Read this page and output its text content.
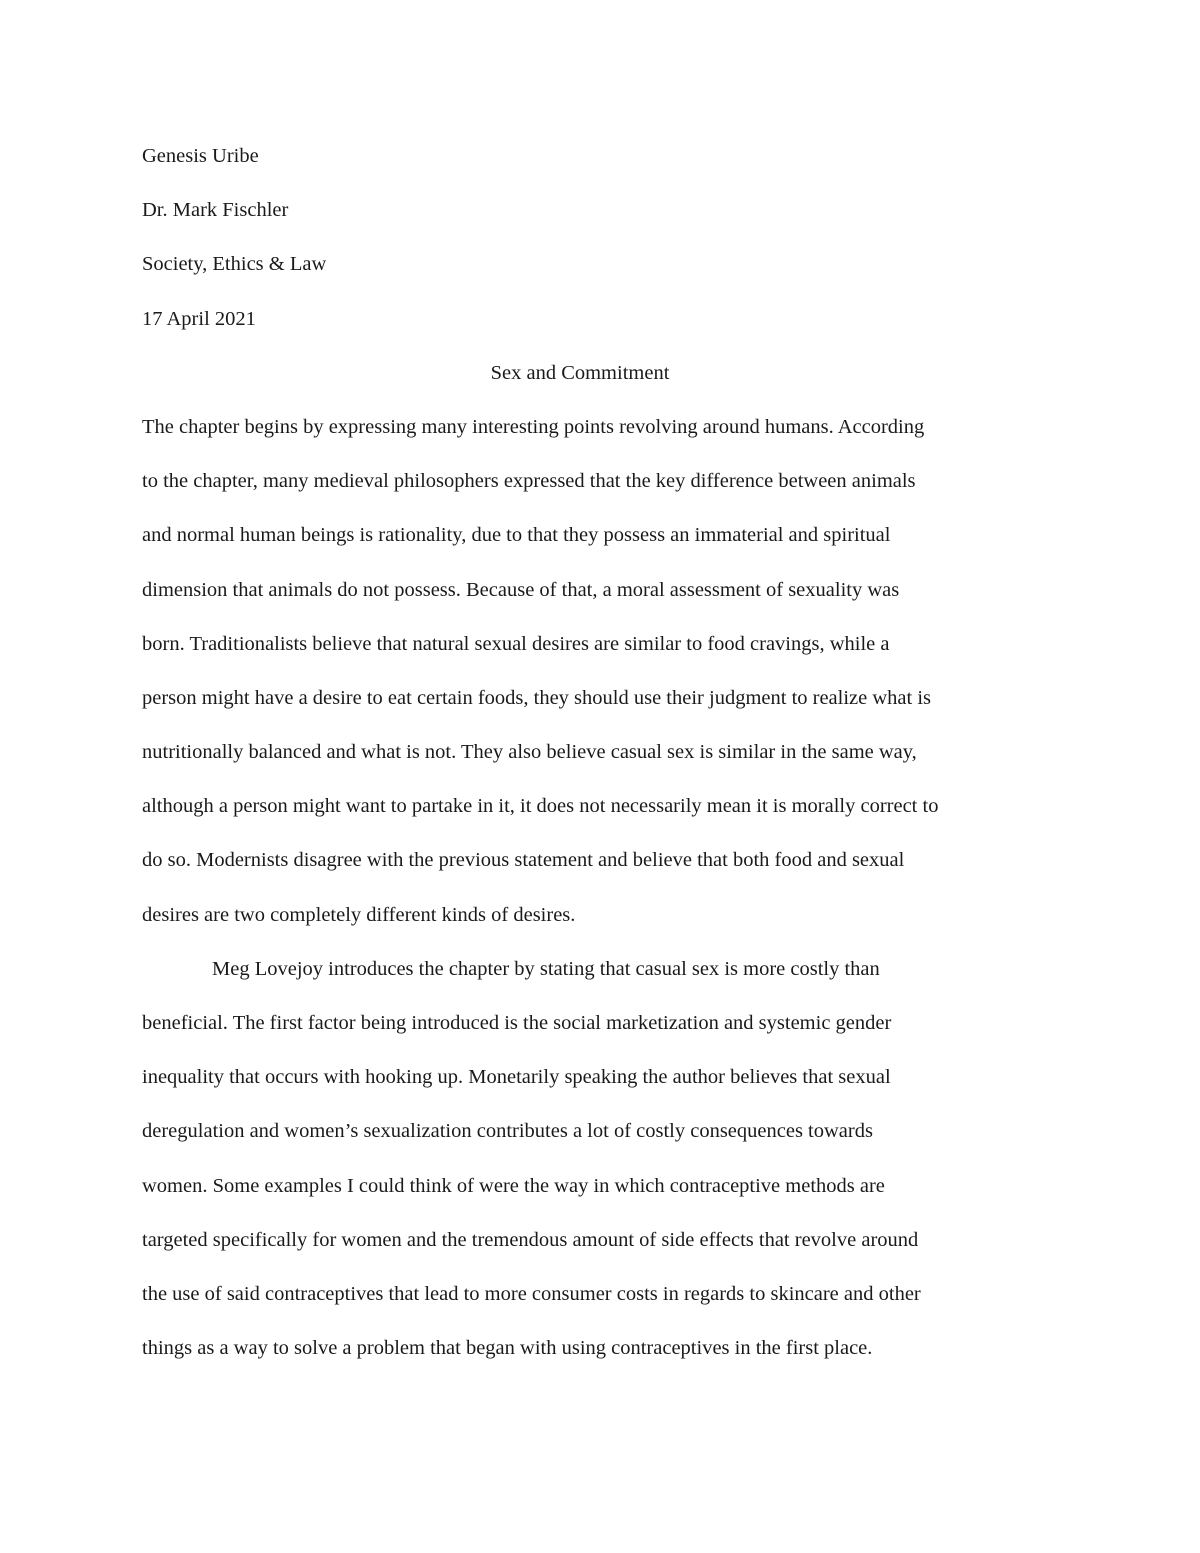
Genesis Uribe

Dr. Mark Fischler

Society, Ethics & Law

17 April 2021

Sex and Commitment

The chapter begins by expressing many interesting points revolving around humans. According

to the chapter, many medieval philosophers expressed that the key difference between animals

and normal human beings is rationality, due to that they possess an immaterial and spiritual

dimension that animals do not possess. Because of that, a moral assessment of sexuality was

born. Traditionalists believe that natural sexual desires are similar to food cravings, while a

person might have a desire to eat certain foods, they should use their judgment to realize what is

nutritionally balanced and what is not. They also believe casual sex is similar in the same way,

although a person might want to partake in it, it does not necessarily mean it is morally correct to

do so. Modernists disagree with the previous statement and believe that both food and sexual

desires are two completely different kinds of desires.

Meg Lovejoy introduces the chapter by stating that casual sex is more costly than

beneficial. The first factor being introduced is the social marketization and systemic gender

inequality that occurs with hooking up. Monetarily speaking the author believes that sexual

deregulation and women’s sexualization contributes a lot of costly consequences towards

women. Some examples I could think of were the way in which contraceptive methods are

targeted specifically for women and the tremendous amount of side effects that revolve around

the use of said contraceptives that lead to more consumer costs in regards to skincare and other

things as a way to solve a problem that began with using contraceptives in the first place.
